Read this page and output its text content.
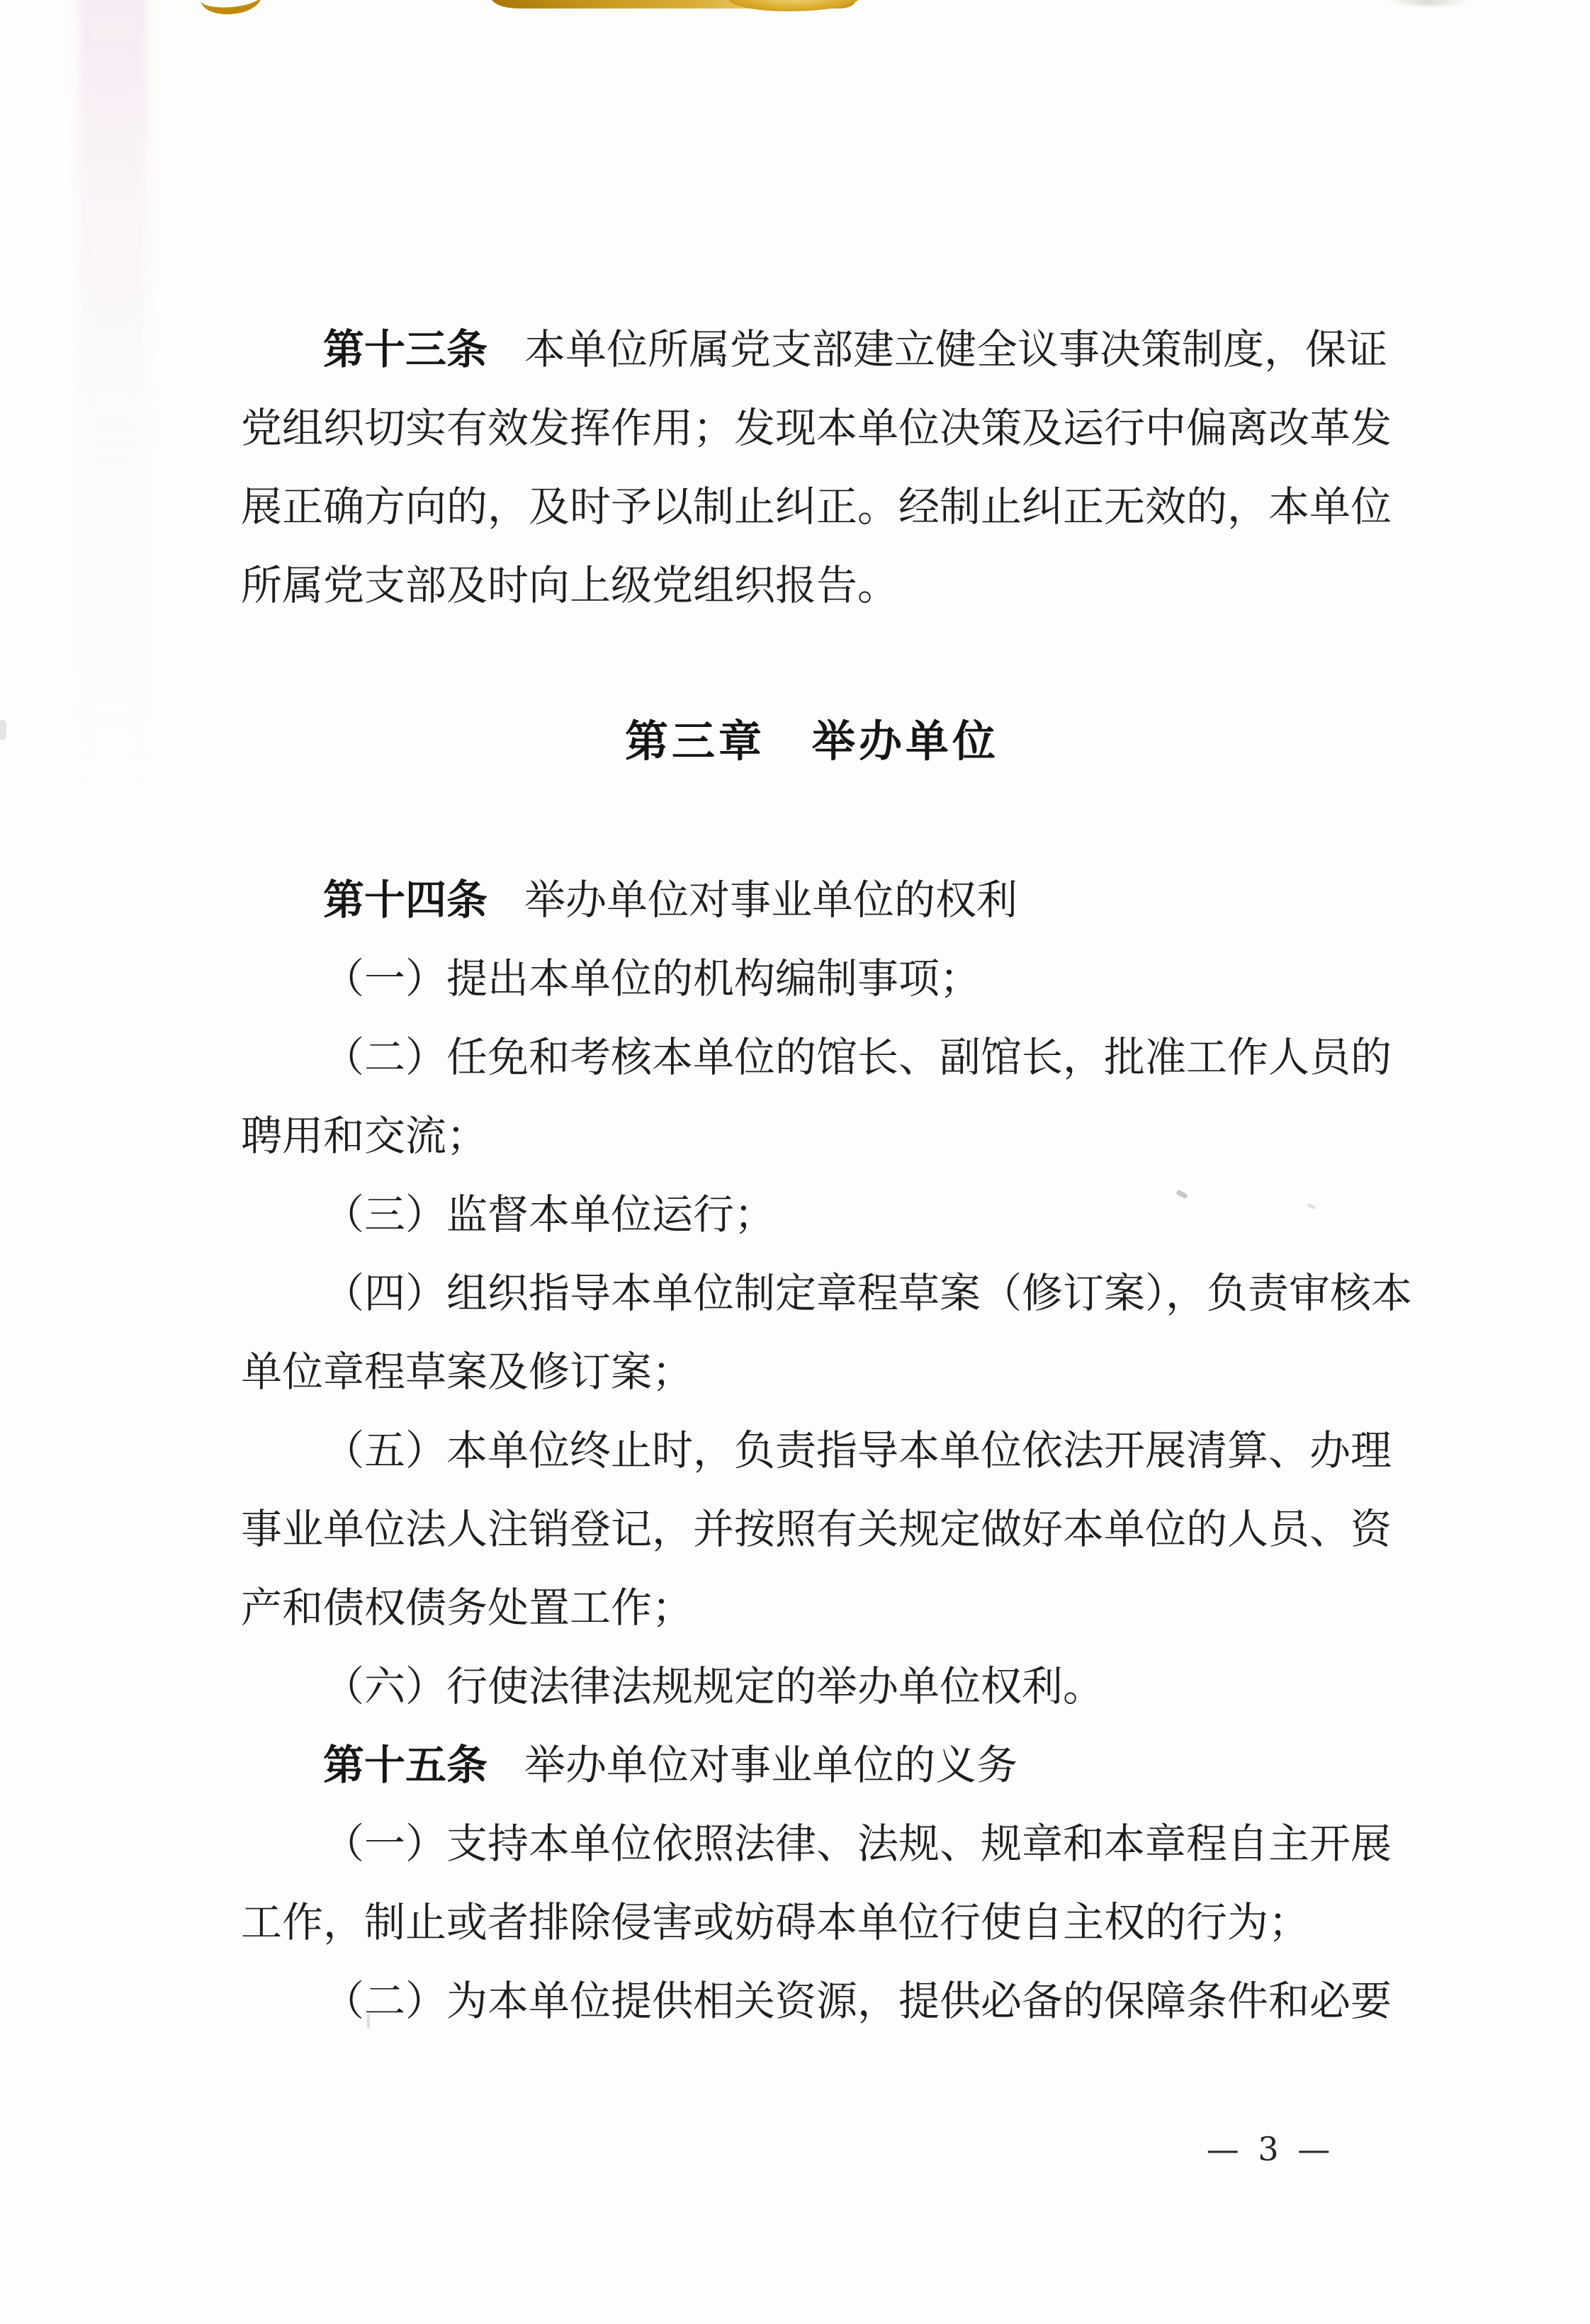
第十三条 本单位所属党支部建立健全议事决策制度，保证
党组织切实有效发挥作用；发现本单位决策及运行中偏离改革发
展正确方向的，及时予以制止纠正。经制止纠正无效的，本单位
所属党支部及时向上级党组织报告。
第三章　举办单位
第十四条 举办单位对事业单位的权利
（一）提出本单位的机构编制事项；
（二）任免和考核本单位的馆长、副馆长，批准工作人员的
聘用和交流；
（三）监督本单位运行；
（四）组织指导本单位制定章程草案（修订案），负责审核本
单位章程草案及修订案；
（五）本单位终止时，负责指导本单位依法开展清算、办理
事业单位法人注销登记，并按照有关规定做好本单位的人员、资
产和债权债务处置工作；
（六）行使法律法规规定的举办单位权利。
第十五条 举办单位对事业单位的义务
（一）支持本单位依照法律、法规、规章和本章程自主开展
工作，制止或者排除侵害或妨碍本单位行使自主权的行为；
（二）为本单位提供相关资源，提供必备的保障条件和必要
— 3 —
